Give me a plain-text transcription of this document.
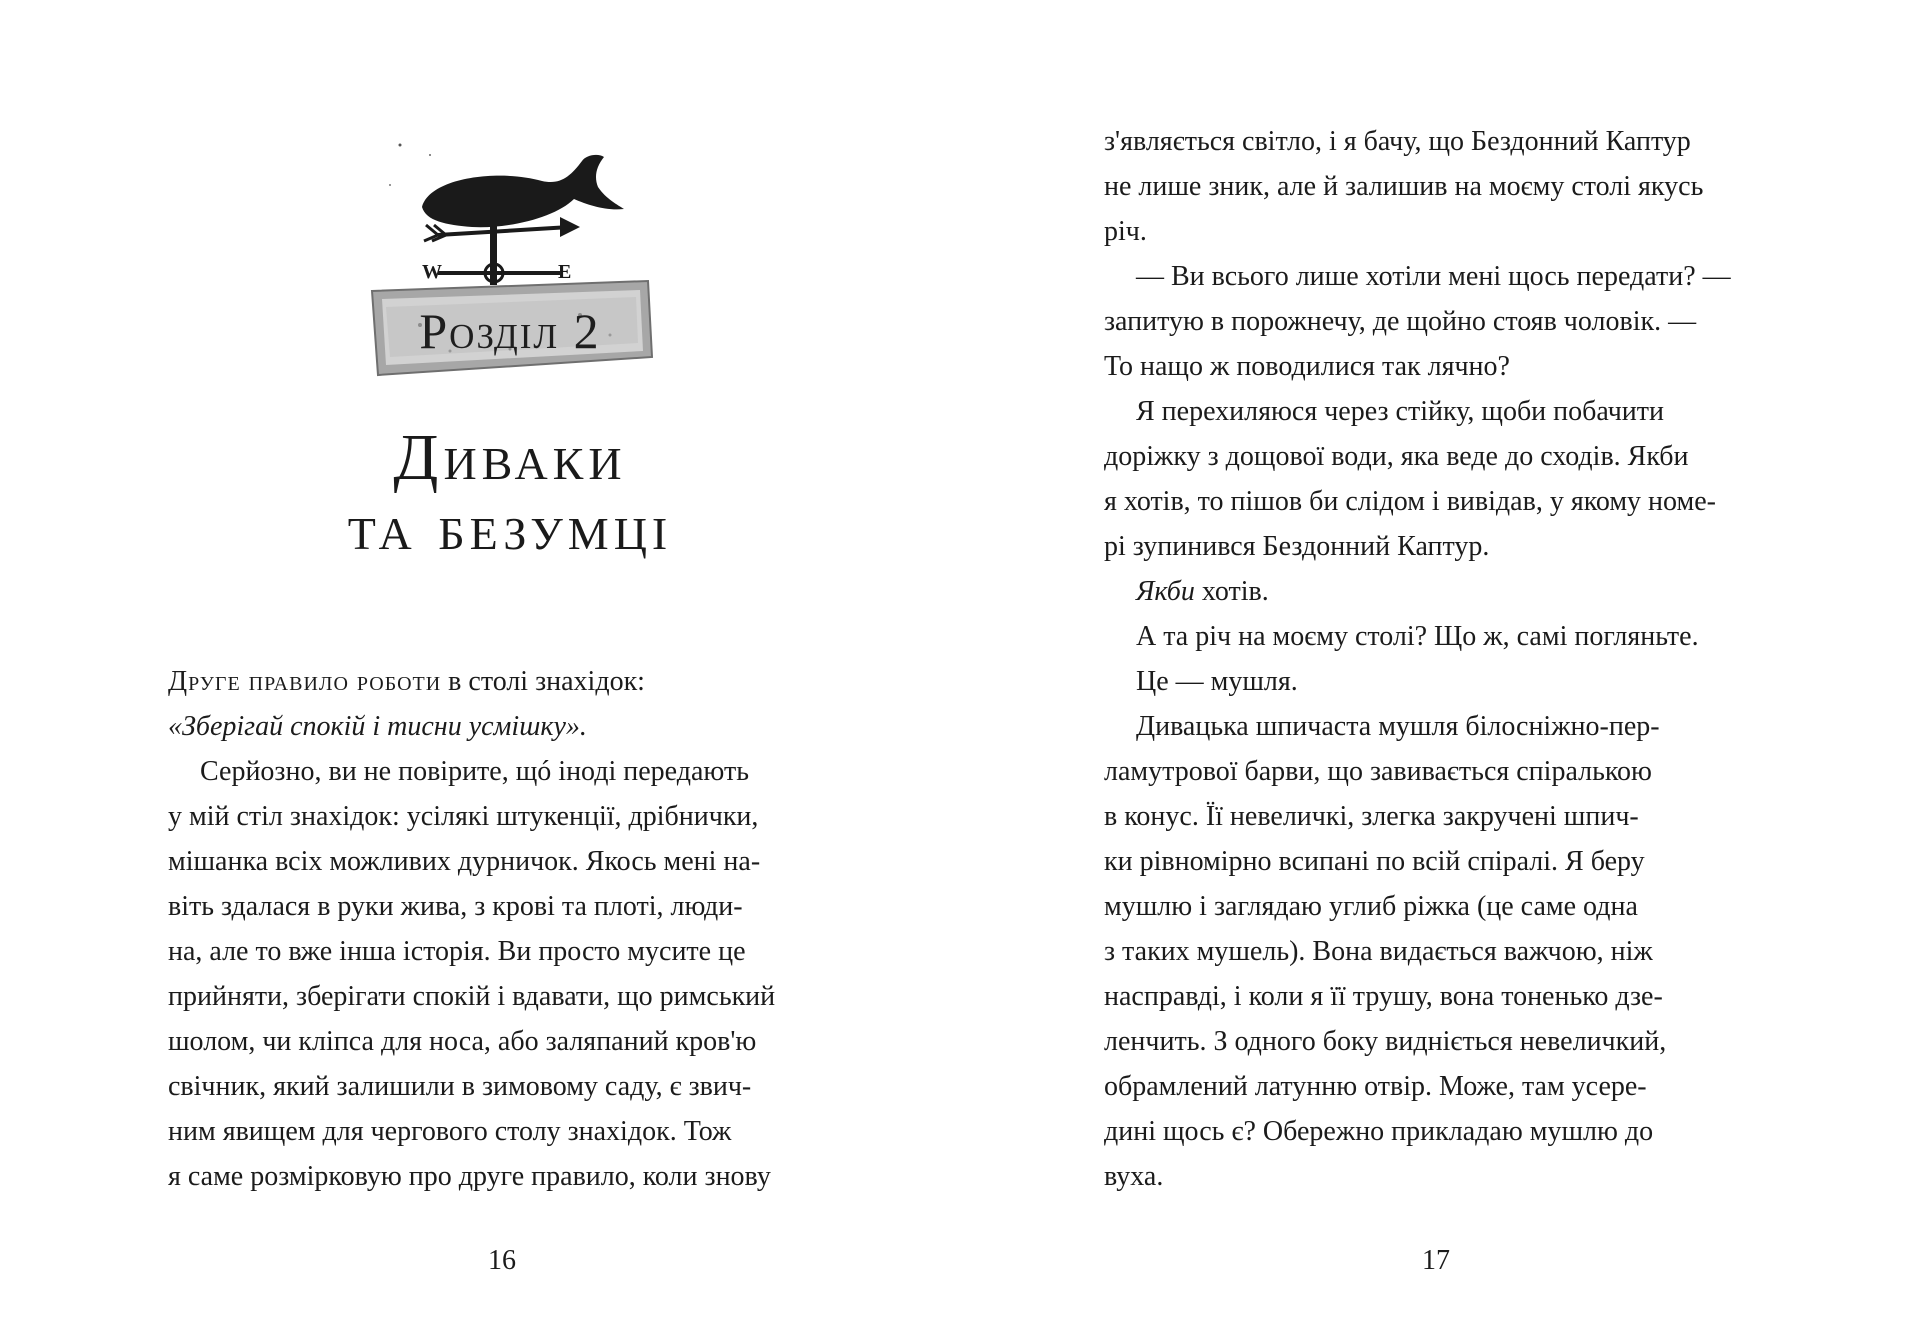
W	E
Розділ 2
Диваки
та безумці
Друге правило роботи в столі знахідок:
«Зберігай спокій і тисни усмішку».
Серйозно, ви не повірите, щó іноді передають
у мій стіл знахідок: усілякі штукенції, дрібнички,
мішанка всіх можливих дурничок. Якось мені на-
віть здалася в руки жива, з крові та плоті, люди-
на, але то вже інша історія. Ви просто мусите це
прийняти, зберігати спокій і вдавати, що римський
шолом, чи кліпса для носа, або заляпаний кров'ю
свічник, який залишили в зимовому саду, є звич-
ним явищем для чергового столу знахідок. Тож
я саме розмірковую про друге правило, коли знову
16
з'являється світло, і я бачу, що Бездонний Каптур
не лише зник, але й залишив на моєму столі якусь
річ.
— Ви всього лише хотіли мені щось передати? —
запитую в порожнечу, де щойно стояв чоловік. —
То нащо ж поводилися так лячно?
Я перехиляюся через стійку, щоби побачити
доріжку з дощової води, яка веде до сходів. Якби
я хотів, то пішов би слідом і вивідав, у якому номе-
рі зупинився Бездонний Каптур.
Якби хотів.
А та річ на моєму столі? Що ж, самі погляньте.
Це — мушля.
Дивацька шпичаста мушля білосніжно-пер-
ламутрової барви, що завивається спіралькою
в конус. Її невеличкі, злегка закручені шпич-
ки рівномірно всипані по всій спіралі. Я беру
мушлю і заглядаю углиб ріжка (це саме одна
з таких мушель). Вона видається важчою, ніж
насправді, і коли я її трушу, вона тоненько дзе-
ленчить. З одного боку видніється невеличкий,
обрамлений латунню отвір. Може, там усере-
дині щось є? Обережно прикладаю мушлю до
вуха.
17
